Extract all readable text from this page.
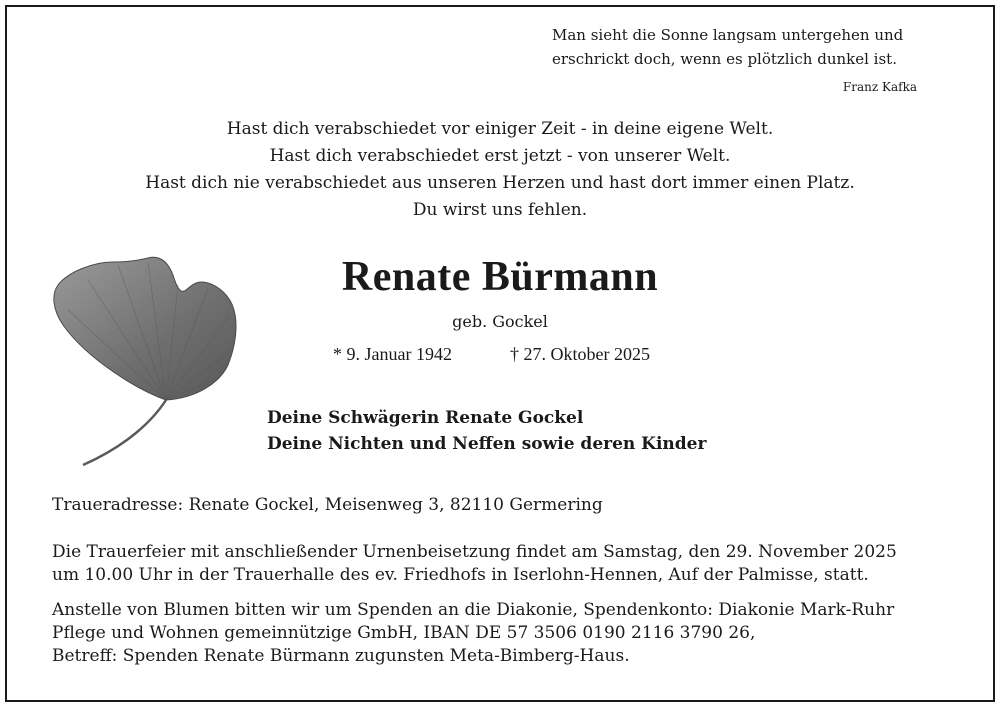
Man sieht die Sonne langsam untergehen und
erschrickt doch, wenn es plötzlich dunkel ist.
Franz Kafka
Hast dich verabschiedet vor einiger Zeit - in deine eigene Welt.
Hast dich verabschiedet erst jetzt - von unserer Welt.
Hast dich nie verabschiedet aus unseren Herzen und hast dort immer einen Platz.
Du wirst uns fehlen.
Renate Bürmann
geb. Gockel
* 9. Januar 1942	† 27. Oktober 2025
Deine Schwägerin Renate Gockel
Deine Nichten und Neffen sowie deren Kinder
Traueradresse: Renate Gockel, Meisenweg 3, 82110 Germering
Die Trauerfeier mit anschließender Urnenbeisetzung findet am Samstag, den 29. November 2025
um 10.00 Uhr in der Trauerhalle des ev. Friedhofs in Iserlohn-Hennen, Auf der Palmisse, statt.
Anstelle von Blumen bitten wir um Spenden an die Diakonie, Spendenkonto: Diakonie Mark-Ruhr
Pflege und Wohnen gemeinnützige GmbH, IBAN DE 57 3506 0190 2116 3790 26,
Betreff: Spenden Renate Bürmann zugunsten Meta-Bimberg-Haus.
